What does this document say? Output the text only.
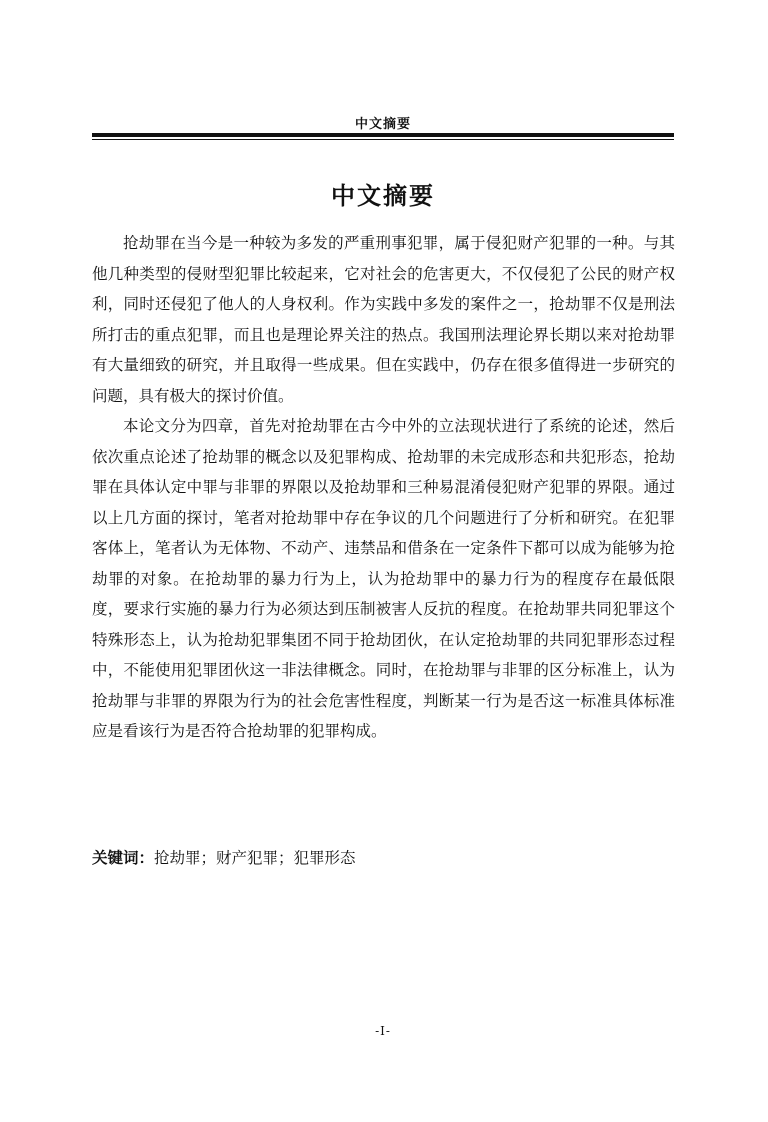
中文摘要
中文摘要

抢劫罪在当今是一种较为多发的严重刑事犯罪，属于侵犯财产犯罪的一种。与其他几种类型的侵财型犯罪比较起来，它对社会的危害更大，不仅侵犯了公民的财产权利，同时还侵犯了他人的人身权利。作为实践中多发的案件之一，抢劫罪不仅是刑法所打击的重点犯罪，而且也是理论界关注的热点。我国刑法理论界长期以来对抢劫罪有大量细致的研究，并且取得一些成果。但在实践中，仍存在很多值得进一步研究的问题，具有极大的探讨价值。

本论文分为四章，首先对抢劫罪在古今中外的立法现状进行了系统的论述，然后依次重点论述了抢劫罪的概念以及犯罪构成、抢劫罪的未完成形态和共犯形态，抢劫罪在具体认定中罪与非罪的界限以及抢劫罪和三种易混淆侵犯财产犯罪的界限。通过以上几方面的探讨，笔者对抢劫罪中存在争议的几个问题进行了分析和研究。在犯罪客体上，笔者认为无体物、不动产、违禁品和借条在一定条件下都可以成为能够为抢劫罪的对象。在抢劫罪的暴力行为上，认为抢劫罪中的暴力行为的程度存在最低限度，要求行实施的暴力行为必须达到压制被害人反抗的程度。在抢劫罪共同犯罪这个特殊形态上，认为抢劫犯罪集团不同于抢劫团伙，在认定抢劫罪的共同犯罪形态过程中，不能使用犯罪团伙这一非法律概念。同时，在抢劫罪与非罪的区分标准上，认为抢劫罪与非罪的界限为行为的社会危害性程度，判断某一行为是否这一标准具体标准应是看该行为是否符合抢劫罪的犯罪构成。

关键词：抢劫罪；财产犯罪；犯罪形态
-I-
